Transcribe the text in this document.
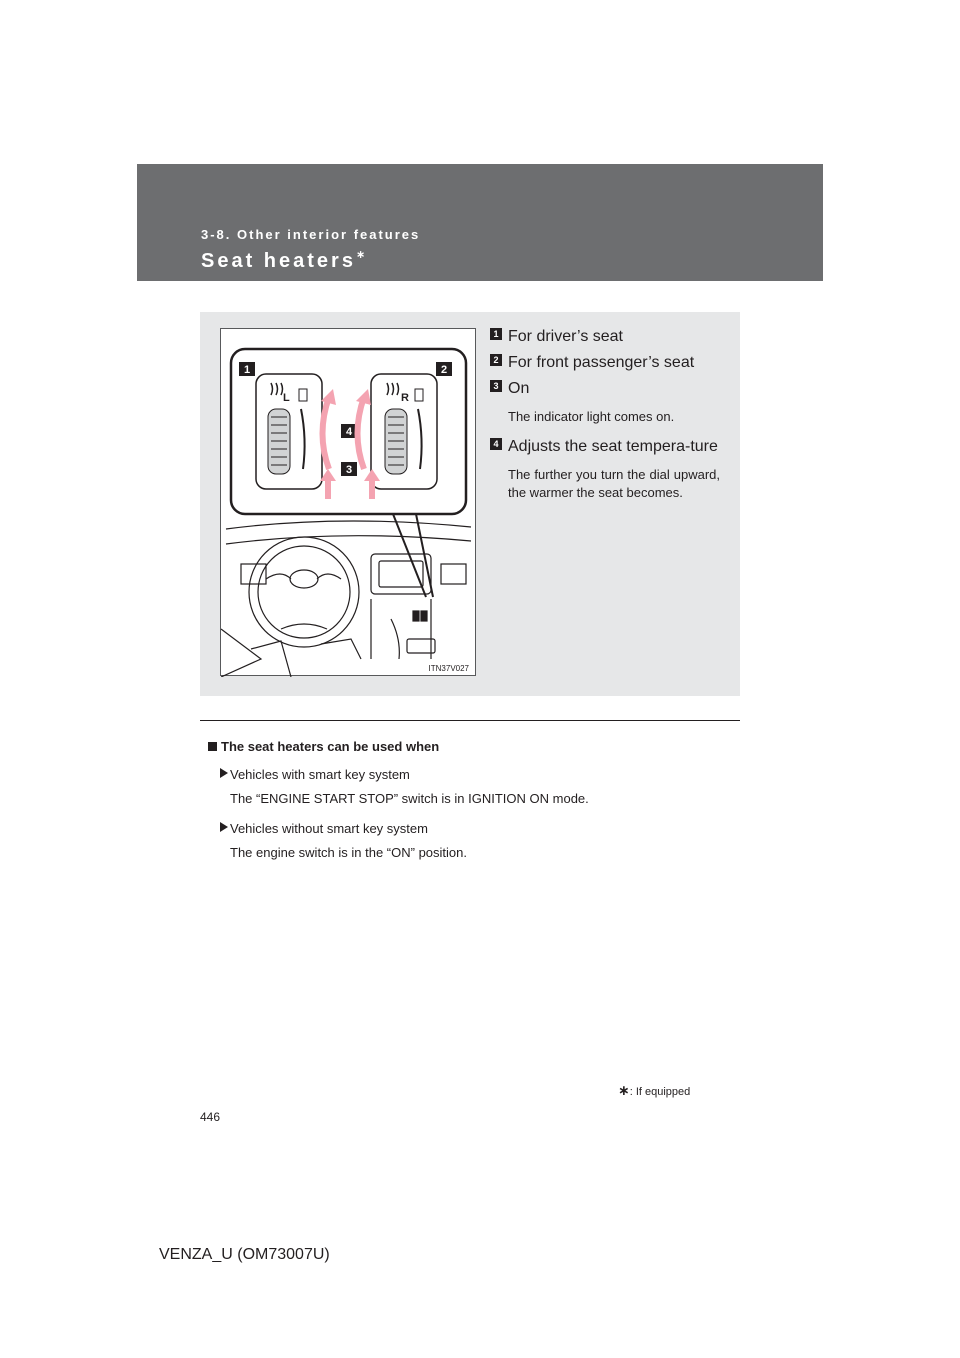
3-8. Other interior features
Seat heaters∗
1	2
4
3
L	R
ITN37V027
1 For driver’s seat
2 For front passenger’s seat
3 On
The indicator light comes on.
4 Adjusts the seat tempera-ture
The further you turn the dial upward, the warmer the seat becomes.
The seat heaters can be used when
Vehicles with smart key system
The “ENGINE START STOP” switch is in IGNITION ON mode.
Vehicles without smart key system
The engine switch is in the “ON” position.
∗: If equipped
446
VENZA_U (OM73007U)
